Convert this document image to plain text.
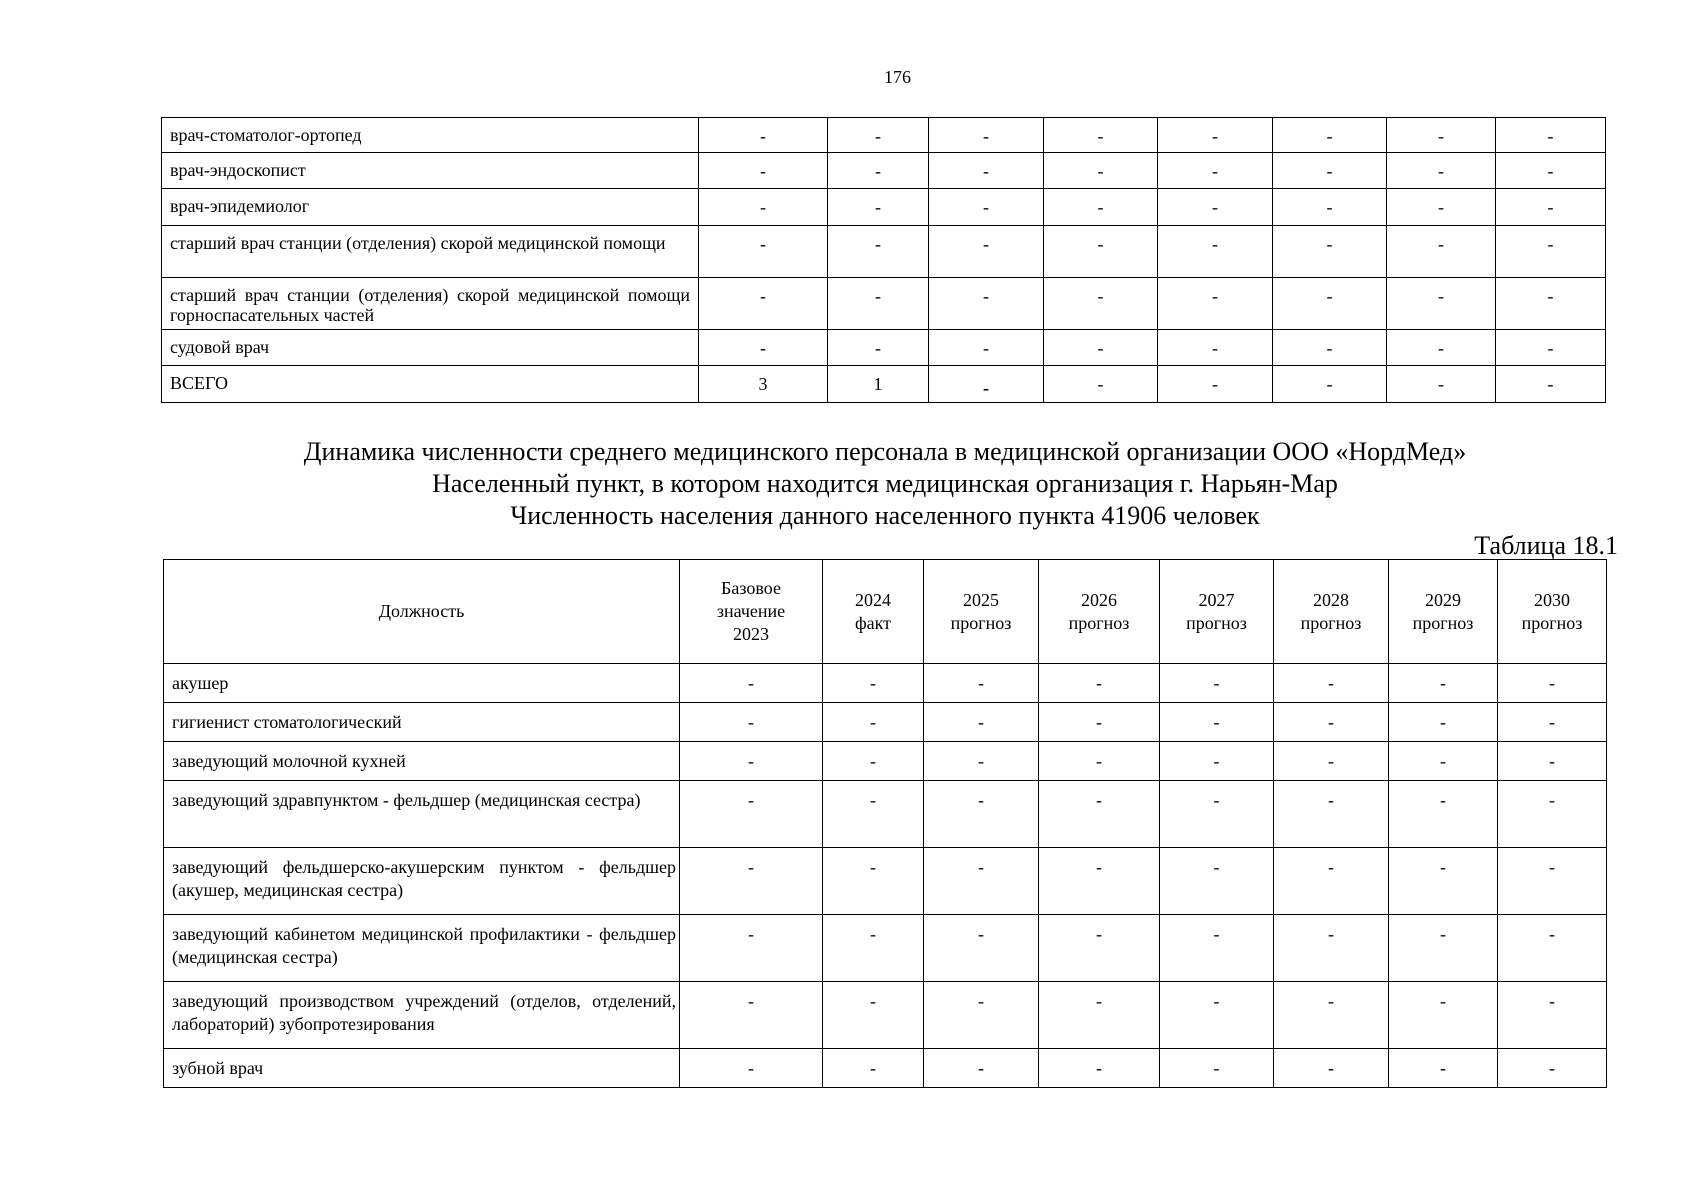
176
врач-стоматолог-ортопед	-	-	-	-	-	-	-	-
врач-эндоскопист	-	-	-	-	-	-	-	-
врач-эпидемиолог	-	-	-	-	-	-	-	-
старший врач станции (отделения) скорой медицинской помощи	-	-	-	-	-	-	-	-
старший врач станции (отделения) скорой медицинской помощи горноспасательных частей	-	-	-	-	-	-	-	-
судовой врач	-	-	-	-	-	-	-	-
ВСЕГО	3	1	-	-	-	-	-	-
Динамика численности среднего медицинского персонала в медицинской организации ООО «НордМед»
Населенный пункт, в котором находится медицинская организация г. Нарьян-Мар
Численность населения данного населенного пункта 41906 человек
Таблица 18.1
Должность	Базовое значение 2023	2024 факт	2025 прогноз	2026 прогноз	2027 прогноз	2028 прогноз	2029 прогноз	2030 прогноз
акушер	-	-	-	-	-	-	-	-
гигиенист стоматологический	-	-	-	-	-	-	-	-
заведующий молочной кухней	-	-	-	-	-	-	-	-
заведующий здравпунктом - фельдшер (медицинская сестра)	-	-	-	-	-	-	-	-
заведующий фельдшерско-акушерским пунктом - фельдшер (акушер, медицинская сестра)	-	-	-	-	-	-	-	-
заведующий кабинетом медицинской профилактики - фельдшер (медицинская сестра)	-	-	-	-	-	-	-	-
заведующий производством учреждений (отделов, отделений, лабораторий) зубопротезирования	-	-	-	-	-	-	-	-
зубной врач	-	-	-	-	-	-	-	-
